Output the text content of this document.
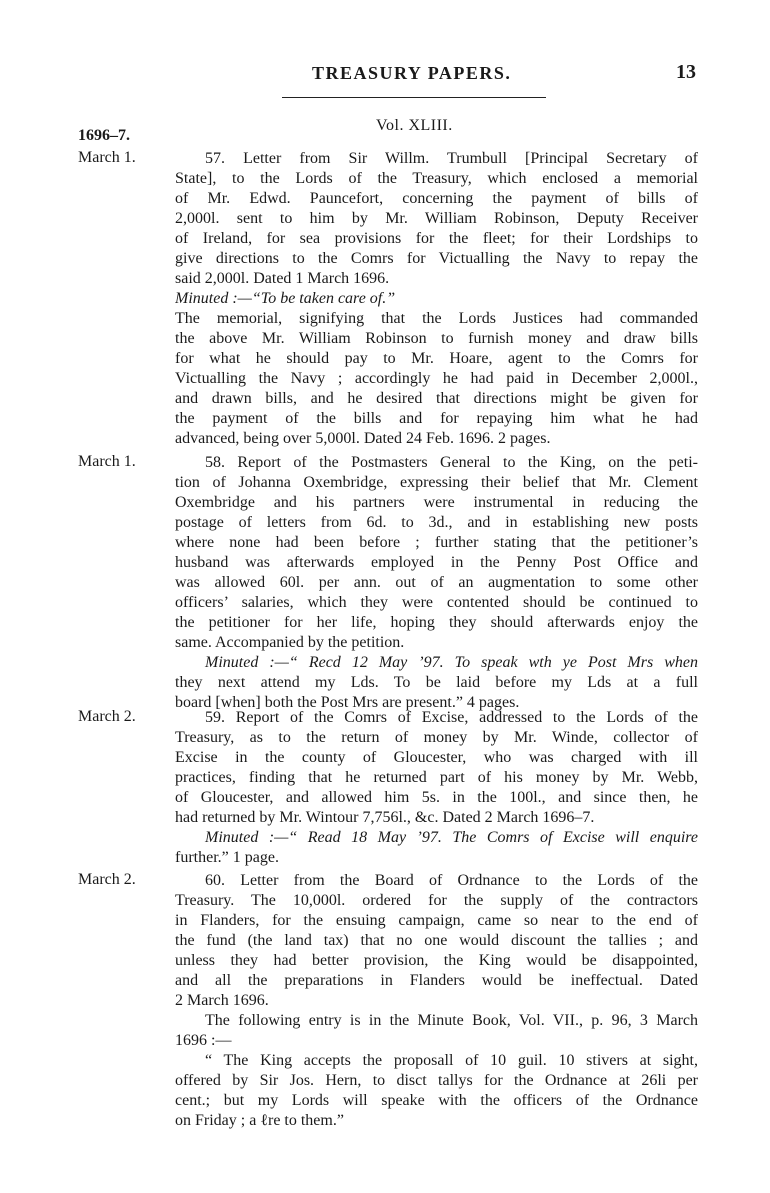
TREASURY PAPERS.	13
Vol. XLIII.
1696–7.
March 1.	57. Letter from Sir Willm. Trumbull [Principal Secretary of
State], to the Lords of the Treasury, which enclosed a memorial
of Mr. Edwd. Pauncefort, concerning the payment of bills of
2,000l. sent to him by Mr. William Robinson, Deputy Receiver
of Ireland, for sea provisions for the fleet; for their Lordships to
give directions to the Comrs for Victualling the Navy to repay the
said 2,000l. Dated 1 March 1696.
Minuted :—“To be taken care of.”
The memorial, signifying that the Lords Justices had commanded
the above Mr. William Robinson to furnish money and draw bills
for what he should pay to Mr. Hoare, agent to the Comrs for
Victualling the Navy ; accordingly he had paid in December 2,000l.,
and drawn bills, and he desired that directions might be given for
the payment of the bills and for repaying him what he had
advanced, being over 5,000l. Dated 24 Feb. 1696. 2 pages.
March 1.	58. Report of the Postmasters General to the King, on the peti-
tion of Johanna Oxembridge, expressing their belief that Mr. Clement
Oxembridge and his partners were instrumental in reducing the
postage of letters from 6d. to 3d., and in establishing new posts
where none had been before ; further stating that the petitioner’s
husband was afterwards employed in the Penny Post Office and
was allowed 60l. per ann. out of an augmentation to some other
officers’ salaries, which they were contented should be continued to
the petitioner for her life, hoping they should afterwards enjoy the
same. Accompanied by the petition.
Minuted :—“ Recd 12 May ’97. To speak wth ye Post Mrs when
they next attend my Lds. To be laid before my Lds at a full
board [when] both the Post Mrs are present.” 4 pages.
March 2.	59. Report of the Comrs of Excise, addressed to the Lords of the
Treasury, as to the return of money by Mr. Winde, collector of
Excise in the county of Gloucester, who was charged with ill
practices, finding that he returned part of his money by Mr. Webb,
of Gloucester, and allowed him 5s. in the 100l., and since then, he
had returned by Mr. Wintour 7,756l., &c. Dated 2 March 1696–7.
Minuted :—“ Read 18 May ’97. The Comrs of Excise will enquire
further.” 1 page.
March 2.	60. Letter from the Board of Ordnance to the Lords of the
Treasury. The 10,000l. ordered for the supply of the contractors
in Flanders, for the ensuing campaign, came so near to the end of
the fund (the land tax) that no one would discount the tallies ; and
unless they had better provision, the King would be disappointed,
and all the preparations in Flanders would be ineffectual. Dated
2 March 1696.
The following entry is in the Minute Book, Vol. VII., p. 96, 3 March
1696 :—
“ The King accepts the proposall of 10 guil. 10 stivers at sight,
offered by Sir Jos. Hern, to disct tallys for the Ordnance at 26li per
cent.; but my Lords will speake with the officers of the Ordnance
on Friday ; a ℓre to them.”
